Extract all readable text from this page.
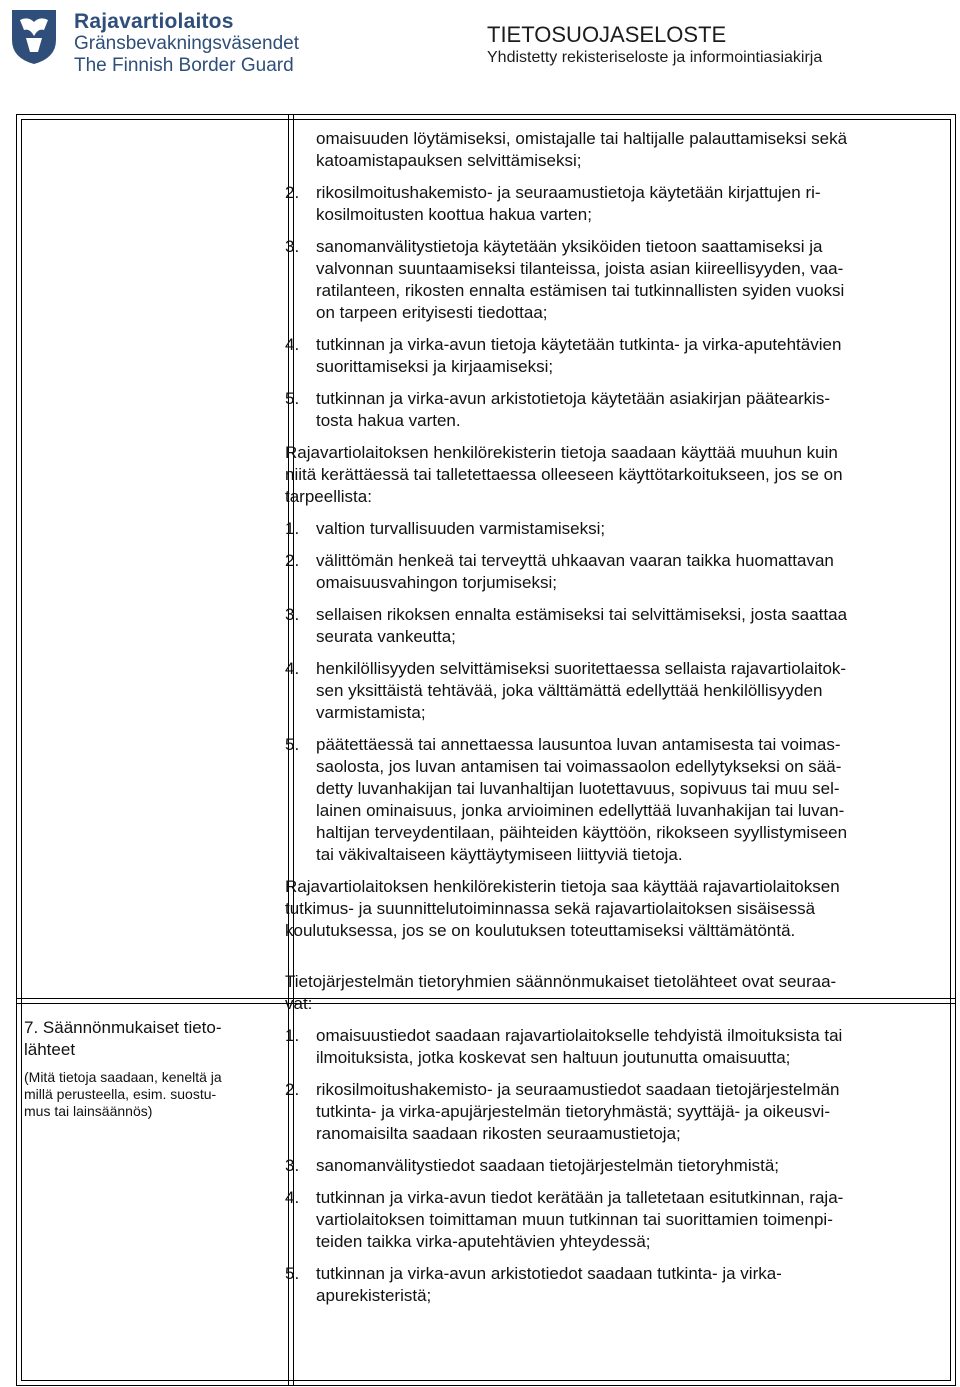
Rajavartiolaitos
Gränsbevakningsväsendet
The Finnish Border Guard
TIETOSUOJASELOSTE
Yhdistetty rekisteriseloste ja informointiasiakirja
omaisuuden löytämiseksi, omistajalle tai haltijalle palauttamiseksi sekä
katoamistapauksen selvittämiseksi;
2. rikosilmoitushakemisto- ja seuraamustietoja käytetään kirjattujen ri-
kosilmoitusten koottua hakua varten;
3. sanomanvälitystietoja käytetään yksiköiden tietoon saattamiseksi ja
valvonnan suuntaamiseksi tilanteissa, joista asian kiireellisyyden, vaa-
ratilanteen, rikosten ennalta estämisen tai tutkinnallisten syiden vuoksi
on tarpeen erityisesti tiedottaa;
4. tutkinnan ja virka-avun tietoja käytetään tutkinta- ja virka-aputehtävien
suorittamiseksi ja kirjaamiseksi;
5. tutkinnan ja virka-avun arkistotietoja käytetään asiakirjan päätearkis-
tosta hakua varten.
Rajavartiolaitoksen henkilörekisterin tietoja saadaan käyttää muuhun kuin
niitä kerättäessä tai talletettaessa olleeseen käyttötarkoitukseen, jos se on
tarpeellista:
1. valtion turvallisuuden varmistamiseksi;
2. välittömän henkeä tai terveyttä uhkaavan vaaran taikka huomattavan
omaisuusvahingon torjumiseksi;
3. sellaisen rikoksen ennalta estämiseksi tai selvittämiseksi, josta saattaa
seurata vankeutta;
4. henkilöllisyyden selvittämiseksi suoritettaessa sellaista rajavartiolaitok-
sen yksittäistä tehtävää, joka välttämättä edellyttää henkilöllisyyden
varmistamista;
5. päätettäessä tai annettaessa lausuntoa luvan antamisesta tai voimas-
saolosta, jos luvan antamisen tai voimassaolon edellytykseksi on sää-
detty luvanhakijan tai luvanhaltijan luotettavuus, sopivuus tai muu sel-
lainen ominaisuus, jonka arvioiminen edellyttää luvanhakijan tai luvan-
haltijan terveydentilaan, päihteiden käyttöön, rikokseen syyllistymiseen
tai väkivaltaiseen käyttäytymiseen liittyviä tietoja.
Rajavartiolaitoksen henkilörekisterin tietoja saa käyttää rajavartiolaitoksen
tutkimus- ja suunnittelutoiminnassa sekä rajavartiolaitoksen sisäisessä
koulutuksessa, jos se on koulutuksen toteuttamiseksi välttämätöntä.
Tietojärjestelmän tietoryhmien säännönmukaiset tietolähteet ovat seuraa-
vat:
1. omaisuustiedot saadaan rajavartiolaitokselle tehdyistä ilmoituksista tai
ilmoituksista, jotka koskevat sen haltuun joutunutta omaisuutta;
2. rikosilmoitushakemisto- ja seuraamustiedot saadaan tietojärjestelmän
tutkinta- ja virka-apujärjestelmän tietoryhmästä; syyttäjä- ja oikeusvi-
ranomaisilta saadaan rikosten seuraamustietoja;
3. sanomanvälitystiedot saadaan tietojärjestelmän tietoryhmistä;
4. tutkinnan ja virka-avun tiedot kerätään ja talletetaan esitutkinnan, raja-
vartiolaitoksen toimittaman muun tutkinnan tai suorittamien toimenpi-
teiden taikka virka-aputehtävien yhteydessä;
5. tutkinnan ja virka-avun arkistotiedot saadaan tutkinta- ja virka-
apurekisteristä;
7. Säännönmukaiset tieto-
lähteet
(Mitä tietoja saadaan, keneltä ja
millä perusteella, esim. suostu-
mus tai lainsäännös)
